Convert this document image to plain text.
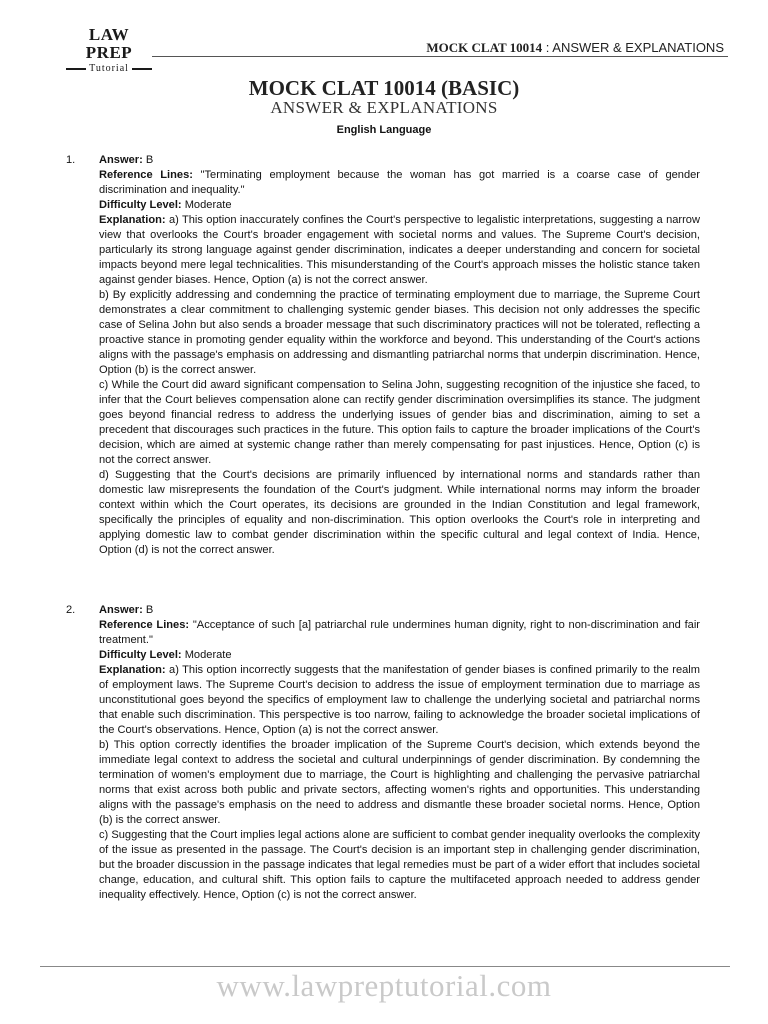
LAW PREP
Tutorial
MOCK CLAT 10014 : ANSWER & EXPLANATIONS
MOCK CLAT 10014 (BASIC)
ANSWER & EXPLANATIONS
English Language
1.	Answer: B

Reference Lines: "Terminating employment because the woman has got married is a coarse case of gender discrimination and inequality."

Difficulty Level: Moderate

Explanation: a) This option inaccurately confines the Court's perspective to legalistic interpretations, suggesting a narrow view that overlooks the Court's broader engagement with societal norms and values. The Supreme Court's decision, particularly its strong language against gender discrimination, indicates a deeper understanding and concern for societal impacts beyond mere legal technicalities. This misunderstanding of the Court's approach misses the holistic stance taken against gender biases. Hence, Option (a) is not the correct answer.

b) By explicitly addressing and condemning the practice of terminating employment due to marriage, the Supreme Court demonstrates a clear commitment to challenging systemic gender biases. This decision not only addresses the specific case of Selina John but also sends a broader message that such discriminatory practices will not be tolerated, reflecting a proactive stance in promoting gender equality within the workforce and beyond. This understanding of the Court's actions aligns with the passage's emphasis on addressing and dismantling patriarchal norms that underpin discrimination. Hence, Option (b) is the correct answer.

c) While the Court did award significant compensation to Selina John, suggesting recognition of the injustice she faced, to infer that the Court believes compensation alone can rectify gender discrimination oversimplifies its stance. The judgment goes beyond financial redress to address the underlying issues of gender bias and discrimination, aiming to set a precedent that discourages such practices in the future. This option fails to capture the broader implications of the Court's decision, which are aimed at systemic change rather than merely compensating for past injustices. Hence, Option (c) is not the correct answer.

d) Suggesting that the Court's decisions are primarily influenced by international norms and standards rather than domestic law misrepresents the foundation of the Court's judgment. While international norms may inform the broader context within which the Court operates, its decisions are grounded in the Indian Constitution and legal framework, specifically the principles of equality and non-discrimination. This option overlooks the Court's role in interpreting and applying domestic law to combat gender discrimination within the specific cultural and legal context of India. Hence, Option (d) is not the correct answer.

2.	Answer: B

Reference Lines: "Acceptance of such [a] patriarchal rule undermines human dignity, right to non-discrimination and fair treatment."

Difficulty Level: Moderate

Explanation: a) This option incorrectly suggests that the manifestation of gender biases is confined primarily to the realm of employment laws. The Supreme Court's decision to address the issue of employment termination due to marriage as unconstitutional goes beyond the specifics of employment law to challenge the underlying societal and patriarchal norms that enable such discrimination. This perspective is too narrow, failing to acknowledge the broader societal implications of the Court's observations. Hence, Option (a) is not the correct answer.

b) This option correctly identifies the broader implication of the Supreme Court's decision, which extends beyond the immediate legal context to address the societal and cultural underpinnings of gender discrimination. By condemning the termination of women's employment due to marriage, the Court is highlighting and challenging the pervasive patriarchal norms that exist across both public and private sectors, affecting women's rights and opportunities. This understanding aligns with the passage's emphasis on the need to address and dismantle these broader societal norms. Hence, Option (b) is the correct answer.

c) Suggesting that the Court implies legal actions alone are sufficient to combat gender inequality overlooks the complexity of the issue as presented in the passage. The Court's decision is an important step in challenging gender discrimination, but the broader discussion in the passage indicates that legal remedies must be part of a wider effort that includes societal change, education, and cultural shift. This option fails to capture the multifaceted approach needed to address gender inequality effectively. Hence, Option (c) is not the correct answer.

www.lawpreptutorial.com
